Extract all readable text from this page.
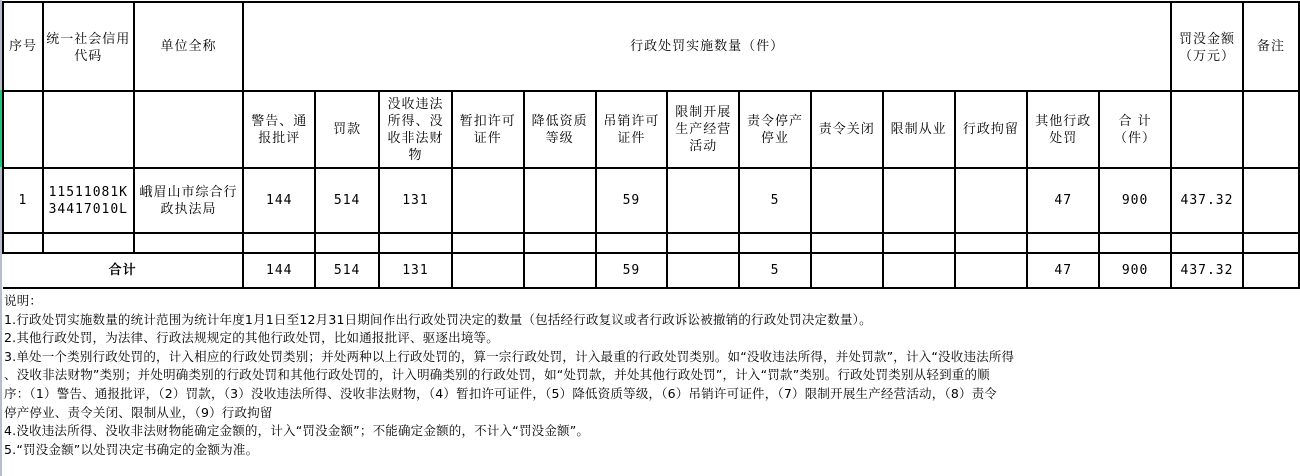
序号	统一社会信用代码	单位全称	行政处罚实施数量（件）													罚没金额（万元）	备注
			警告、通报批评	罚款	没收违法所得、没收非法财物	暂扣许可证件	降低资质等级	吊销许可证件	限制开展生产经营活动	责令停产停业	责令关闭	限制从业	行政拘留	其他行政处罚	合 计（件）		
1	11511081K34417010L	峨眉山市综合行政执法局	144	514	131			59		5				47	900	437.32	

合计			144	514	131			59		5				47	900	437.32	
说明：
1.行政处罚实施数量的统计范围为统计年度1月1日至12月31日期间作出行政处罚决定的数量（包括经行政复议或者行政诉讼被撤销的行政处罚决定数量）。
2.其他行政处罚，为法律、行政法规规定的其他行政处罚，比如通报批评、驱逐出境等。
3.单处一个类别行政处罚的，计入相应的行政处罚类别；并处两种以上行政处罚的，算一宗行政处罚，计入最重的行政处罚类别。如“没收违法所得，并处罚款”，计入“没收违法所得
、没收非法财物”类别；并处明确类别的行政处罚和其他行政处罚的，计入明确类别的行政处罚，如“处罚款，并处其他行政处罚”，计入“罚款”类别。行政处罚类别从轻到重的顺
序：（1）警告、通报批评，（2）罚款，（3）没收违法所得、没收非法财物，（4）暂扣许可证件，（5）降低资质等级，（6）吊销许可证件，（7）限制开展生产经营活动，（8）责令
停产停业、责令关闭、限制从业，（9）行政拘留
4.没收违法所得、没收非法财物能确定金额的，计入“罚没金额”；不能确定金额的，不计入“罚没金额”。
5.“罚没金额”以处罚决定书确定的金额为准。
